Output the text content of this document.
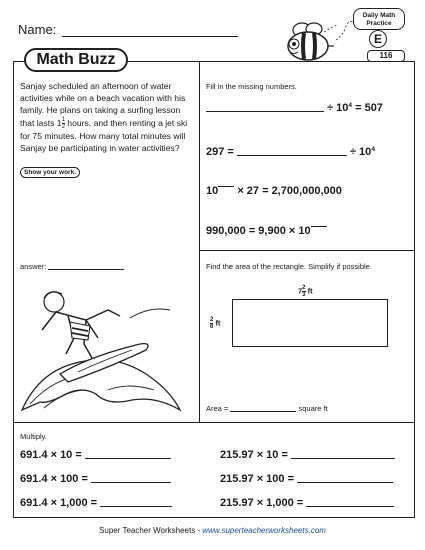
Name:
Daily Math Practice
E
116
Math Buzz
Sanjay scheduled an afternoon of water activities while on a beach vacation with his family. He plans on taking a surfing lesson that lasts $1 \frac{1}{2}$ hours, and then renting a jet ski for 75 minutes. How many total minutes will Sanjay be participating in water activities?
Show your work.
answer:
Fill in the missing numbers.
÷ $10^4 = 507$
297 =	÷ $10^4$
10 × 27 = 2,700,000,000
990,000 = 9,900 × 10
Find the area of the rectangle. Simplify if possible.
$7 \frac{2}{3}$ ft
$\frac{2}{6}$ ft
Area =	square ft
Multiply.
691.4 × 10 =	215.97 × 10 =
691.4 × 100 =	215.97 × 100 =
691.4 × 1,000 =	215.97 × 1,000 =
Super Teacher Worksheets - www.superteacherworksheets.com
